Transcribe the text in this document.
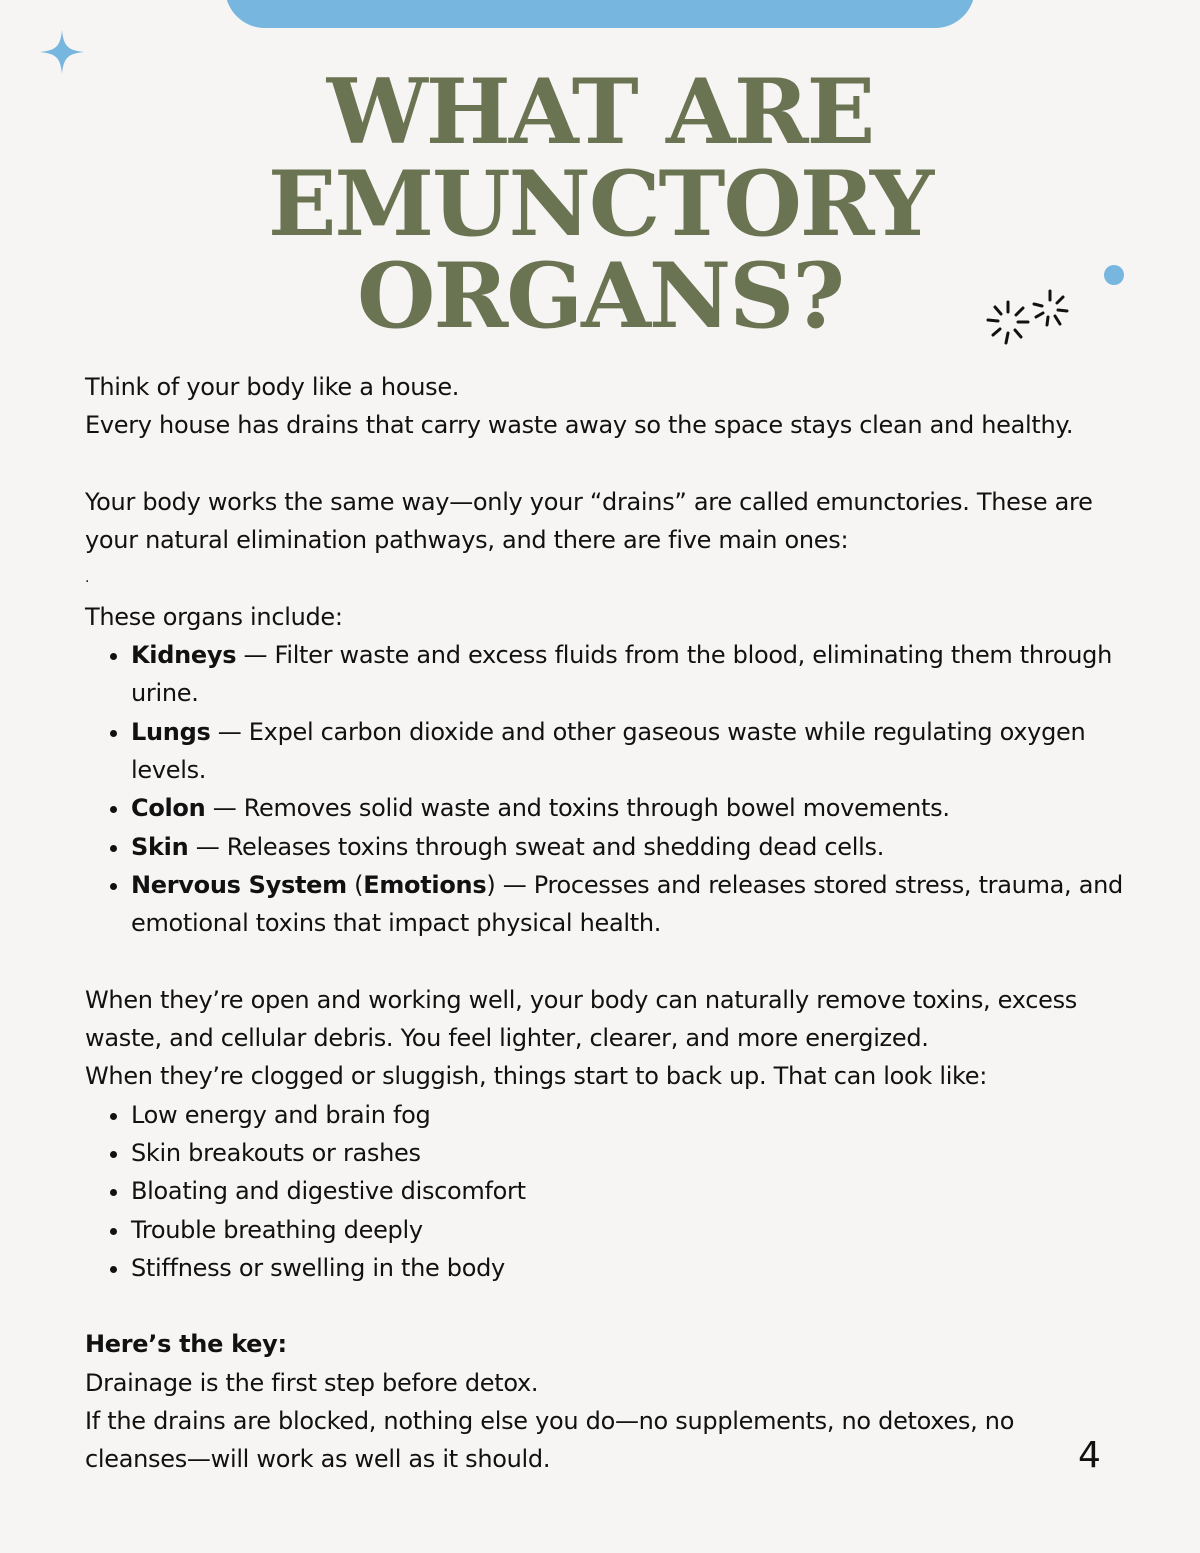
WHAT ARE
EMUNCTORY
ORGANS?

Think of your body like a house.

Every house has drains that carry waste away so the space stays clean and healthy.

Your body works the same way—only your “drains” are called emunctories. These are your natural elimination pathways, and there are five main ones:

.

These organs include:

• Kidneys — Filter waste and excess fluids from the blood, eliminating them through urine.
• Lungs — Expel carbon dioxide and other gaseous waste while regulating oxygen levels.
• Colon — Removes solid waste and toxins through bowel movements.
• Skin — Releases toxins through sweat and shedding dead cells.
• Nervous System (Emotions) — Processes and releases stored stress, trauma, and emotional toxins that impact physical health.

When they’re open and working well, your body can naturally remove toxins, excess waste, and cellular debris. You feel lighter, clearer, and more energized.

When they’re clogged or sluggish, things start to back up. That can look like:

• Low energy and brain fog
• Skin breakouts or rashes
• Bloating and digestive discomfort
• Trouble breathing deeply
• Stiffness or swelling in the body

Here’s the key:

Drainage is the first step before detox.

If the drains are blocked, nothing else you do—no supplements, no detoxes, no cleanses—will work as well as it should.	4
